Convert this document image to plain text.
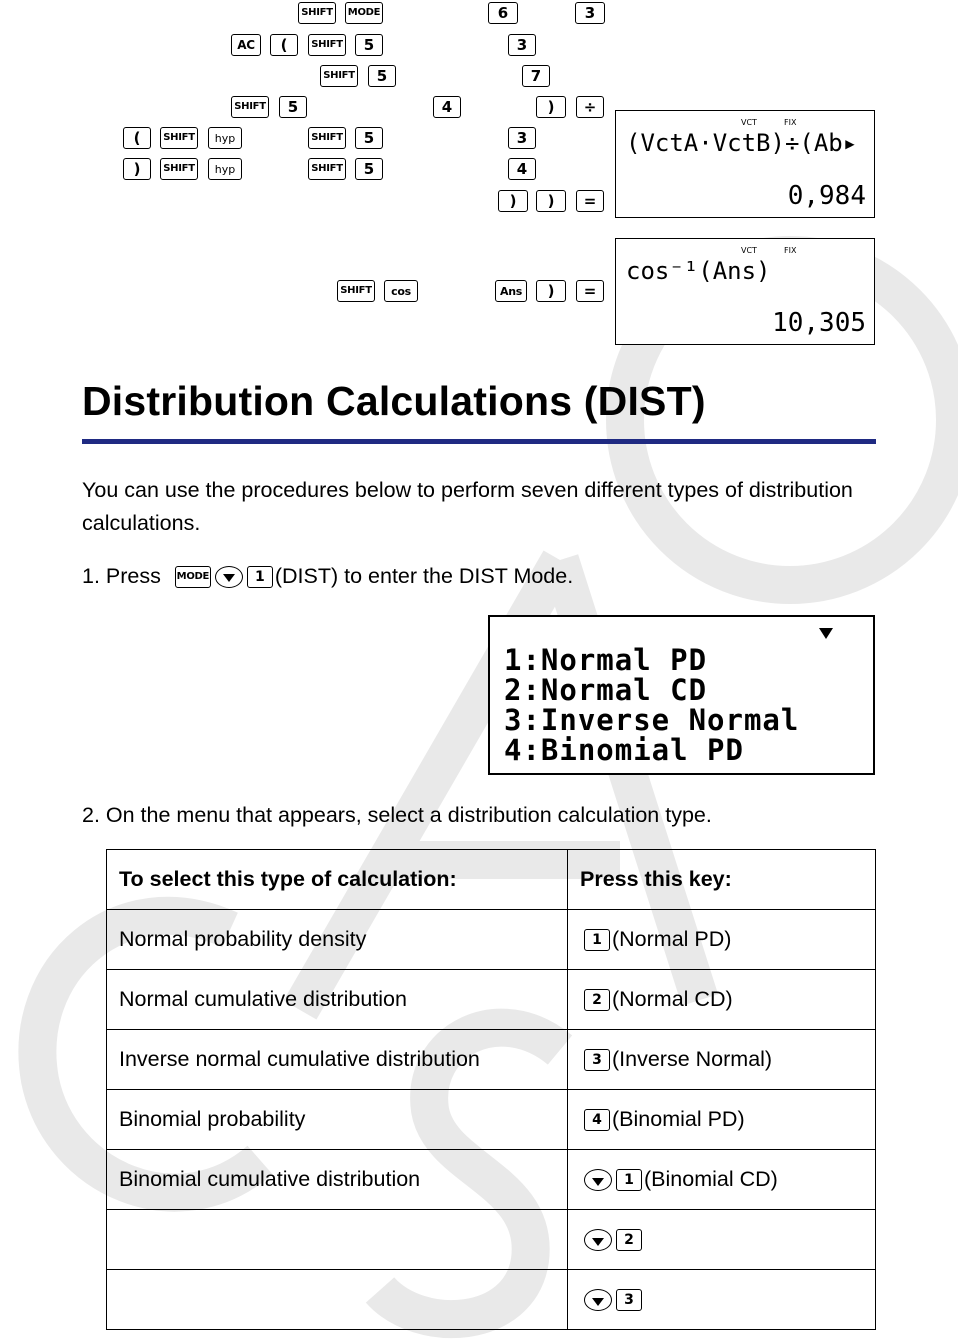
SHIFT	MODE	6	3
AC	(	SHIFT	5	3
SHIFT	5	7
SHIFT	5	4	)	÷
(	SHIFT	hyp	SHIFT	5	3
)	SHIFT	hyp	SHIFT	5	4
)	)	=
SHIFT	cos	Ans	)	=
VCT	FIX
(VctA·VctB)÷(Ab▸
0,984
VCT	FIX
cos⁻¹(Ans)
10,305
Distribution Calculations (DIST)
You can use the procedures below to perform seven different types of distribution calculations.
1. Press MODE	1 (DIST) to enter the DIST Mode.
1:Normal PD
2:Normal CD
3:Inverse Normal
4:Binomial PD
2. On the menu that appears, select a distribution calculation type.
To select this type of calculation:	Press this key:
Normal probability density	1 (Normal PD)
Normal cumulative distribution	2 (Normal CD)
Inverse normal cumulative distribution	3 (Inverse Normal)
Binomial probability	4 (Binomial PD)
Binomial cumulative distribution	1 (Binomial CD)
	2
	3
